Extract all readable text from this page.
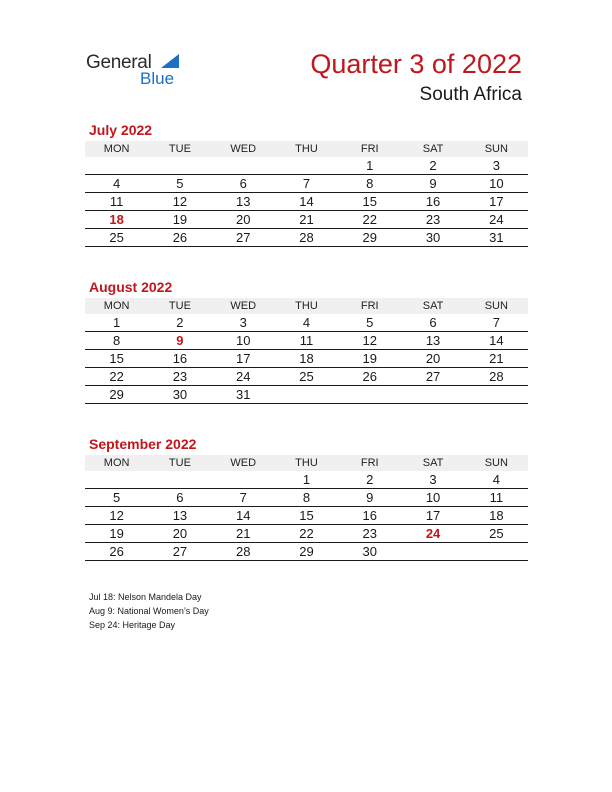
General
Blue	Quarter 3 of 2022
South Africa
July 2022
MON	TUE	WED	THU	FRI	SAT	SUN
				1	2	3
4	5	6	7	8	9	10
11	12	13	14	15	16	17
18	19	20	21	22	23	24
25	26	27	28	29	30	31
August 2022
MON	TUE	WED	THU	FRI	SAT	SUN
1	2	3	4	5	6	7
8	9	10	11	12	13	14
15	16	17	18	19	20	21
22	23	24	25	26	27	28
29	30	31				
September 2022
MON	TUE	WED	THU	FRI	SAT	SUN
			1	2	3	4
5	6	7	8	9	10	11
12	13	14	15	16	17	18
19	20	21	22	23	24	25
26	27	28	29	30		
Jul 18: Nelson Mandela Day
Aug 9: National Women’s Day
Sep 24: Heritage Day
